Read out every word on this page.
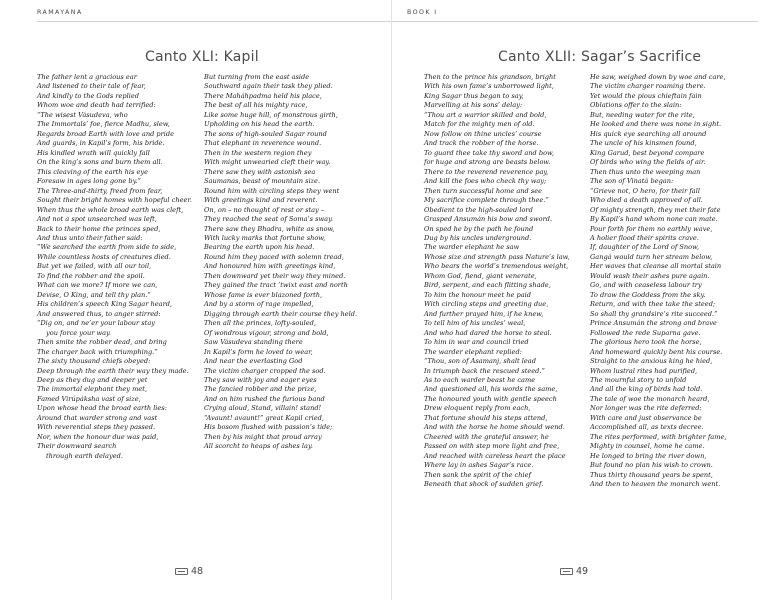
RAMAYANA
Canto XLI: Kapil
The father lent a gracious ear
And listened to their tale of fear,
And kindly to the Gods replied
Whom woe and death had terrified:
“The wisest Vásudeva, who
The Immortals’ foe, fierce Madhu, slew,
Regards broad Earth with love and pride
And guards, in Kapil’s form, his bride.
His kindled wrath will quickly fall
On the king’s sons and burn them all.
This cleaving of the earth his eye
Foresaw in ages long gone by.”
The Three-and-thirty, freed from fear,
Sought their bright homes with hopeful cheer.
When thus the whole broad earth was cleft,
And not a spot unsearched was left,
Back to their home the princes sped,
And thus unto their father said:
“We searched the earth from side to side,
While countless hosts of creatures died.
But yet we failed, with all our toil,
To find the robber and the spoil.
What can we more? If more we can,
Devise, O King, and tell thy plan.”
His children’s speech King Sagar heard,
And answered thus, to anger stirred:
“Dig on, and ne’er your labour stay
you force your way.
Then smite the robber dead, and bring
The charger back with triumphing.”
The sixty thousand chiefs obeyed:
Deep through the earth their way they made.
Deep as they dug and deeper yet
The immortal elephant they met,
Famed Virúpáksha vast of size,
Upon whose head the broad earth lies:
Around that warder strong and vast
With reverential steps they passed.
Nor, when the honour due was paid,
Their downward search
through earth delayed.
But turning from the east aside
Southward again their task they plied.
There Maháhpadma held his place,
The best of all his mighty race,
Like some huge hill, of monstrous girth,
Upholding on his head the earth.
The sons of high-souled Sagar round
That elephant in reverence wound.
Then in the western region they
With might unwearied cleft their way.
There saw they with astonish sea
Saumanas, beast of mountain size.
Round him with circling steps they went
With greetings kind and reverent.
On, on – no thought of rest or stay –
They reached the seat of Soma’s sway.
There saw they Bhadra, white as snow,
With lucky marks that fortune show,
Bearing the earth upon his head.
Round him they paced with solemn tread,
And honoured him with greetings kind,
Then downward yet their way they mined.
They gained the tract ’twixt east and north
Whose fame is ever blazoned forth,
And by a storm of rage impelled,
Digging through earth their course they held.
Then all the princes, lofty-souled,
Of wondrous vigour, strong and bold,
Saw Vásudeva standing there
In Kapil’s form he loved to wear,
And near the everlasting God
The victim charger cropped the sod.
They saw with joy and eager eyes
The fancied robber and the prize,
And on him rushed the furious band
Crying aloud, Stand, villain! stand!
“Avaunt! avaunt!” great Kapil cried,
His bosom flushed with passion’s tide;
Then by his might that proud array
All scorcht to heaps of ashes lay.
48
BOOK I
Canto XLII: Sagar’s Sacrifice
Then to the prince his grandson, bright
With his own fame’s unborrowed light,
King Sagar thus began to say,
Marvelling at his sons’ delay:
“Thou art a warrior skilled and bold,
Match for the mighty men of old.
Now follow on thine uncles’ course
And track the robber of the horse.
To guard thee take thy sword and bow,
for huge and strong are beasts below.
There to the reverend reverence pay,
And kill the foes who check thy way;
Then turn successful home and see
My sacrifice complete through thee.”
Obedient to the high-souled lord
Grasped Ansumán his bow and sword.
On sped he by the path he found
Dug by his uncles underground.
The warder elephant he saw
Whose size and strength pass Nature’s law,
Who bears the world’s tremendous weight,
Whom God, fiend, giant venerate,
Bird, serpent, and each flitting shade,
To him the honour meet he paid
With circling steps and greeting due,
And further prayed him, if he knew,
To tell him of his uncles’ weal,
And who had dared the horse to steal.
To him in war and council tried
The warder elephant replied:
“Thou, son of Asamanj, shalt lead
In triumph back the rescued steed.”
As to each warder beast he came
And questioned all, his words the same,
The honoured youth with gentle speech
Drew eloquent reply from each,
That fortune should his steps attend,
And with the horse he home should wend.
Cheered with the grateful answer, he
Passed on with step more light and free,
And reached with careless heart the place
Where lay in ashes Sagar’s race.
Then sank the spirit of the chief
Beneath that shock of sudden grief.
He saw, weighed down by woe and care,
The victim charger roaming there.
Yet would the pious chieftain fain
Oblations offer to the slain:
But, needing water for the rite,
He looked and there was none in sight.
His quick eye searching all around
The uncle of his kinsmen found,
King Garud, best beyond compare
Of birds who wing the fields of air.
Then thus unto the weeping man
The son of Vinatá began:
“Grieve not, O hero, for their fall
Who died a death approved of all.
Of mighty strength, they met their fate
By Kapil’s hand whom none can mate.
Pour forth for them no earthly wave,
A holier flood their spirits crave.
If, daughter of the Lord of Snow,
Gangá would turn her stream below,
Her waves that cleanse all mortal stain
Would wash their ashes pure again.
Go, and with ceaseless labour try
To draw the Goddess from the sky.
Return, and with thee take the steed;
So shall thy grandsire’s rite succeed.”
Prince Ansumán the strong and brave
Followed the rede Suparna gave.
The glorious hero took the horse,
And homeward quickly bent his course.
Straight to the anxious king he hied,
Whom lustral rites had purified,
The mournful story to unfold
And all the king of birds had told.
The tale of woe the monarch heard,
Nor longer was the rite deferred:
With care and just observance be
Accomplished all, as texts decree.
The rites performed, with brighter fame,
Mighty in counsel, home he came.
He longed to bring the river down,
But found no plan his wish to crown.
Thus thirty thousand years be spent,
And then to heaven the monarch went.
49
